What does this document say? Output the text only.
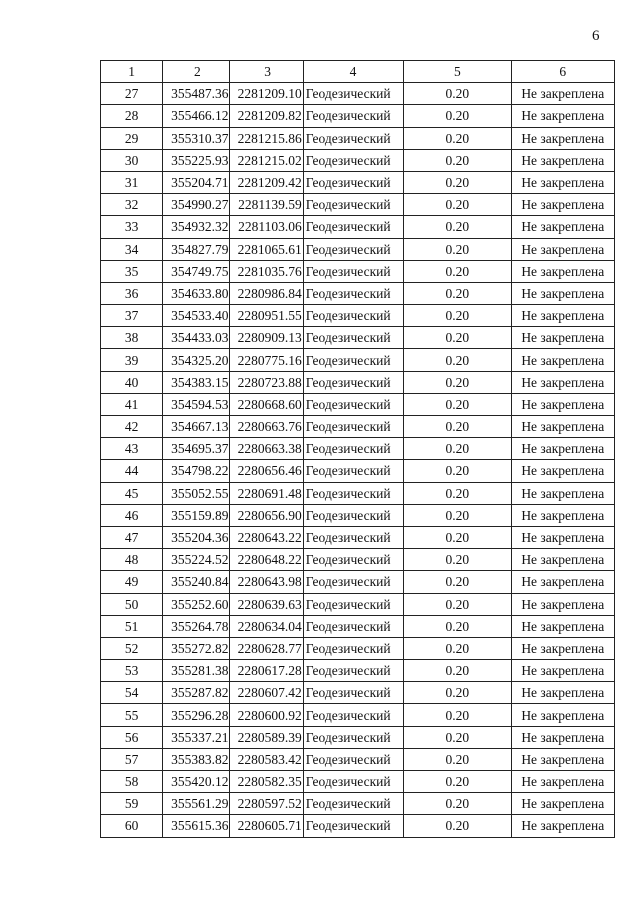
6
1	2	3	4	5	6
27	355487.36	2281209.10	Геодезический	0.20	Не закреплена
28	355466.12	2281209.82	Геодезический	0.20	Не закреплена
29	355310.37	2281215.86	Геодезический	0.20	Не закреплена
30	355225.93	2281215.02	Геодезический	0.20	Не закреплена
31	355204.71	2281209.42	Геодезический	0.20	Не закреплена
32	354990.27	2281139.59	Геодезический	0.20	Не закреплена
33	354932.32	2281103.06	Геодезический	0.20	Не закреплена
34	354827.79	2281065.61	Геодезический	0.20	Не закреплена
35	354749.75	2281035.76	Геодезический	0.20	Не закреплена
36	354633.80	2280986.84	Геодезический	0.20	Не закреплена
37	354533.40	2280951.55	Геодезический	0.20	Не закреплена
38	354433.03	2280909.13	Геодезический	0.20	Не закреплена
39	354325.20	2280775.16	Геодезический	0.20	Не закреплена
40	354383.15	2280723.88	Геодезический	0.20	Не закреплена
41	354594.53	2280668.60	Геодезический	0.20	Не закреплена
42	354667.13	2280663.76	Геодезический	0.20	Не закреплена
43	354695.37	2280663.38	Геодезический	0.20	Не закреплена
44	354798.22	2280656.46	Геодезический	0.20	Не закреплена
45	355052.55	2280691.48	Геодезический	0.20	Не закреплена
46	355159.89	2280656.90	Геодезический	0.20	Не закреплена
47	355204.36	2280643.22	Геодезический	0.20	Не закреплена
48	355224.52	2280648.22	Геодезический	0.20	Не закреплена
49	355240.84	2280643.98	Геодезический	0.20	Не закреплена
50	355252.60	2280639.63	Геодезический	0.20	Не закреплена
51	355264.78	2280634.04	Геодезический	0.20	Не закреплена
52	355272.82	2280628.77	Геодезический	0.20	Не закреплена
53	355281.38	2280617.28	Геодезический	0.20	Не закреплена
54	355287.82	2280607.42	Геодезический	0.20	Не закреплена
55	355296.28	2280600.92	Геодезический	0.20	Не закреплена
56	355337.21	2280589.39	Геодезический	0.20	Не закреплена
57	355383.82	2280583.42	Геодезический	0.20	Не закреплена
58	355420.12	2280582.35	Геодезический	0.20	Не закреплена
59	355561.29	2280597.52	Геодезический	0.20	Не закреплена
60	355615.36	2280605.71	Геодезический	0.20	Не закреплена
